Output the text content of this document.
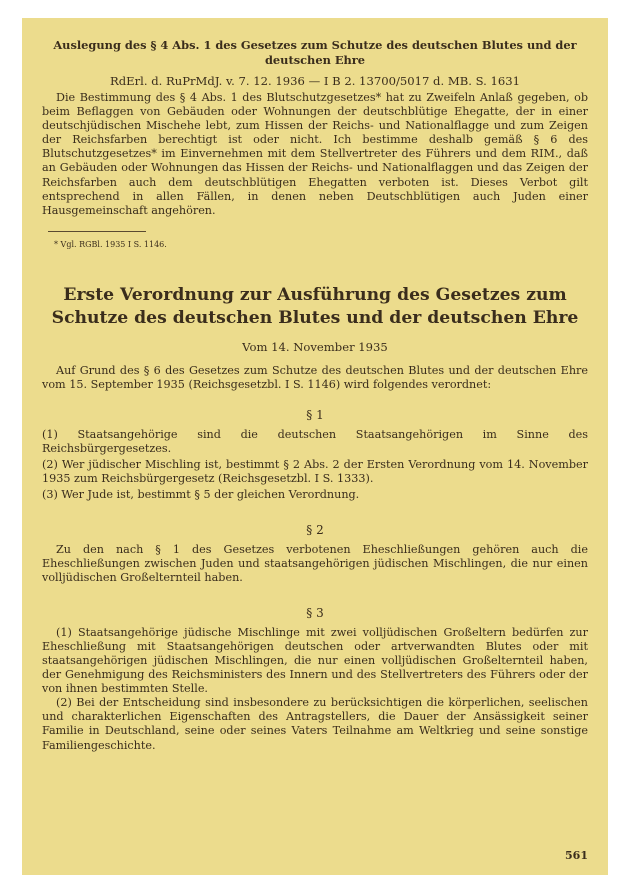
Auslegung des § 4 Abs. 1 des Gesetzes zum Schutze des deutschen Blutes und der deutschen Ehre

RdErl. d. RuPrMdJ. v. 7. 12. 1936 — I B 2. 13700/5017 d. MB. S. 1631

Die Bestimmung des § 4 Abs. 1 des Blutschutzgesetzes* hat zu Zweifeln Anlaß gegeben, ob beim Beflaggen von Gebäuden oder Wohnungen der deutschblütige Ehegatte, der in einer deutschjüdischen Mischehe lebt, zum Hissen der Reichs- und Nationalflagge und zum Zeigen der Reichsfarben berechtigt ist oder nicht. Ich bestimme deshalb gemäß § 6 des Blutschutzgesetzes* im Einvernehmen mit dem Stellvertreter des Führers und dem RIM., daß an Gebäuden oder Wohnungen das Hissen der Reichs- und Nationalflaggen und das Zeigen der Reichsfarben auch dem deutschblütigen Ehegatten verboten ist. Dieses Verbot gilt entsprechend in allen Fällen, in denen neben Deutschblütigen auch Juden einer Hausgemeinschaft angehören.

* Vgl. RGBl. 1935 I S. 1146.

Erste Verordnung zur Ausführung des Gesetzes zum Schutze des deutschen Blutes und der deutschen Ehre

Vom 14. November 1935

Auf Grund des § 6 des Gesetzes zum Schutze des deutschen Blutes und der deutschen Ehre vom 15. September 1935 (Reichsgesetzbl. I S. 1146) wird folgendes verordnet:

§ 1

(1) Staatsangehörige sind die deutschen Staatsangehörigen im Sinne des Reichsbürgergesetzes.

(2) Wer jüdischer Mischling ist, bestimmt § 2 Abs. 2 der Ersten Verordnung vom 14. November 1935 zum Reichsbürgergesetz (Reichsgesetzbl. I S. 1333).

(3) Wer Jude ist, bestimmt § 5 der gleichen Verordnung.

§ 2

Zu den nach § 1 des Gesetzes verbotenen Eheschließungen gehören auch die Eheschließungen zwischen Juden und staatsangehörigen jüdischen Mischlingen, die nur einen volljüdischen Großelternteil haben.

§ 3

(1) Staatsangehörige jüdische Mischlinge mit zwei volljüdischen Großeltern bedürfen zur Eheschließung mit Staatsangehörigen deutschen oder artverwandten Blutes oder mit staatsangehörigen jüdischen Mischlingen, die nur einen volljüdischen Großelternteil haben, der Genehmigung des Reichsministers des Innern und des Stellvertreters des Führers oder der von ihnen bestimmten Stelle.

(2) Bei der Entscheidung sind insbesondere zu berücksichtigen die körperlichen, seelischen und charakterlichen Eigenschaften des Antragstellers, die Dauer der Ansässigkeit seiner Familie in Deutschland, seine oder seines Vaters Teilnahme am Weltkrieg und seine sonstige Familiengeschichte.

561
